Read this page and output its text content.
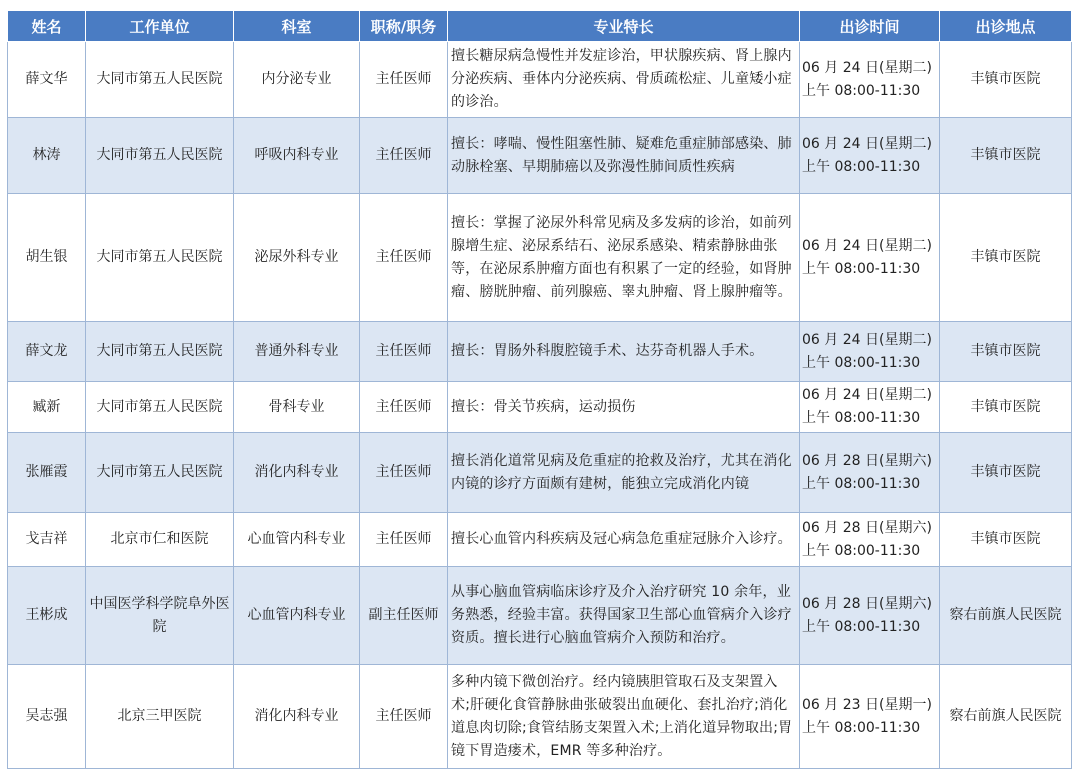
姓名	工作单位	科室	职称/职务	专业特长	出诊时间	出诊地点
薛文华	大同市第五人民医院	内分泌专业	主任医师	擅长糖尿病急慢性并发症诊治，甲状腺疾病、肾上腺内分泌疾病、垂体内分泌疾病、骨质疏松症、儿童矮小症的诊治。	06 月 24 日(星期二)
上午 08:00-11:30	丰镇市医院
林涛	大同市第五人民医院	呼吸内科专业	主任医师	擅长：哮喘、慢性阻塞性肺、疑难危重症肺部感染、肺动脉栓塞、早期肺癌以及弥漫性肺间质性疾病	06 月 24 日(星期二)
上午 08:00-11:30	丰镇市医院
胡生银	大同市第五人民医院	泌尿外科专业	主任医师	擅长：掌握了泌尿外科常见病及多发病的诊治，如前列腺增生症、泌尿系结石、泌尿系感染、精索静脉曲张等，在泌尿系肿瘤方面也有积累了一定的经验，如肾肿瘤、膀胱肿瘤、前列腺癌、睾丸肿瘤、肾上腺肿瘤等。	06 月 24 日(星期二)
上午 08:00-11:30	丰镇市医院
薛文龙	大同市第五人民医院	普通外科专业	主任医师	擅长：胃肠外科腹腔镜手术、达芬奇机器人手术。	06 月 24 日(星期二)
上午 08:00-11:30	丰镇市医院
臧新	大同市第五人民医院	骨科专业	主任医师	擅长：骨关节疾病，运动损伤	06 月 24 日(星期二)
上午 08:00-11:30	丰镇市医院
张雁霞	大同市第五人民医院	消化内科专业	主任医师	擅长消化道常见病及危重症的抢救及治疗，尤其在消化内镜的诊疗方面颇有建树，能独立完成消化内镜	06 月 28 日(星期六)
上午 08:00-11:30	丰镇市医院
戈吉祥	北京市仁和医院	心血管内科专业	主任医师	擅长心血管内科疾病及冠心病急危重症冠脉介入诊疗。	06 月 28 日(星期六)
上午 08:00-11:30	丰镇市医院
王彬成	中国医学科学院阜外医院	心血管内科专业	副主任医师	从事心脑血管病临床诊疗及介入治疗研究 10 余年，业务熟悉，经验丰富。获得国家卫生部心血管病介入诊疗资质。擅长进行心脑血管病介入预防和治疗。	06 月 28 日(星期六)
上午 08:00-11:30	察右前旗人民医院
吴志强	北京三甲医院	消化内科专业	主任医师	多种内镜下微创治疗。经内镜胰胆管取石及支架置入术;肝硬化食管静脉曲张破裂出血硬化、套扎治疗;消化道息肉切除;食管结肠支架置入术;上消化道异物取出;胃镜下胃造瘘术，EMR 等多种治疗。	06 月 23 日(星期一)
上午 08:00-11:30	察右前旗人民医院
